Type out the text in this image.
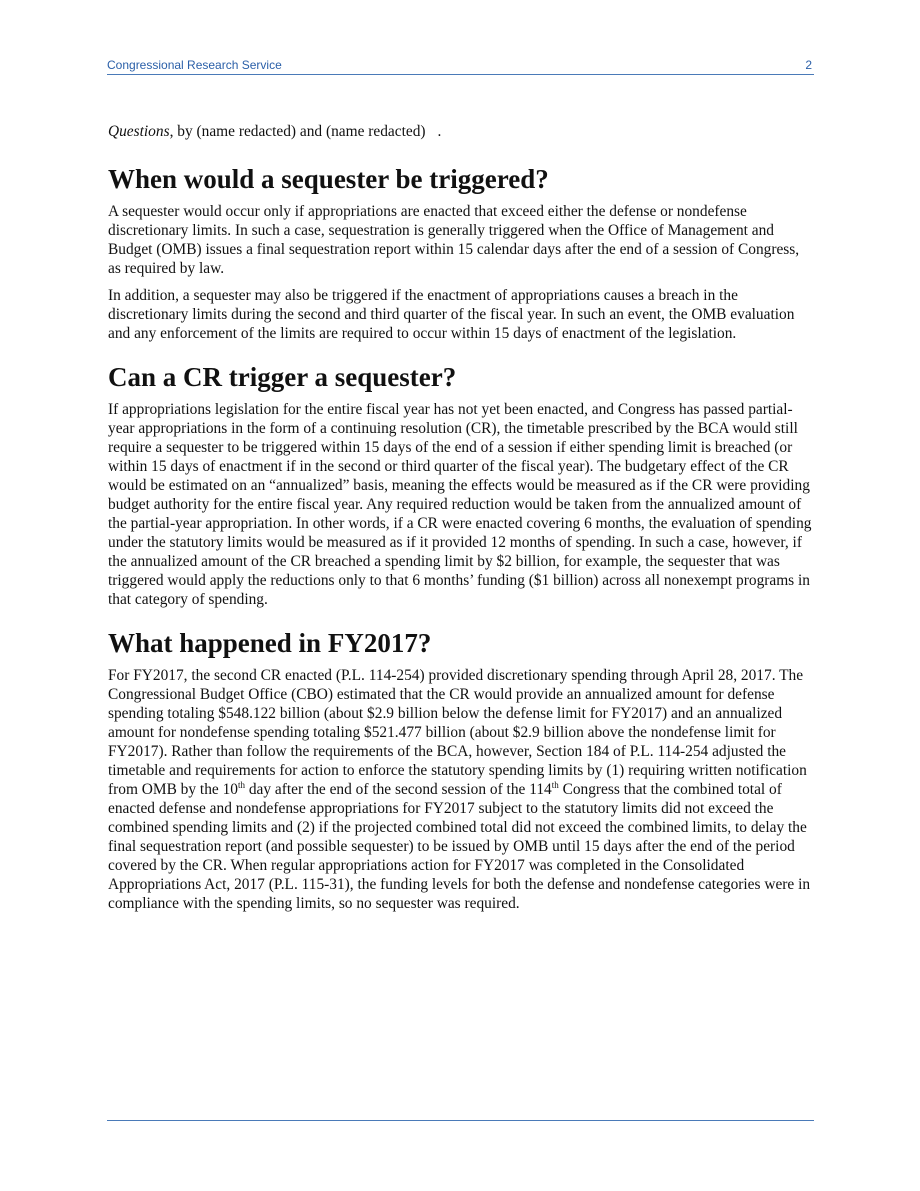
Congressional Research Service	2

Questions, by (name redacted) and (name redacted) .

When would a sequester be triggered?

A sequester would occur only if appropriations are enacted that exceed either the defense or nondefense discretionary limits. In such a case, sequestration is generally triggered when the Office of Management and Budget (OMB) issues a final sequestration report within 15 calendar days after the end of a session of Congress, as required by law.

In addition, a sequester may also be triggered if the enactment of appropriations causes a breach in the discretionary limits during the second and third quarter of the fiscal year. In such an event, the OMB evaluation and any enforcement of the limits are required to occur within 15 days of enactment of the legislation.

Can a CR trigger a sequester?

If appropriations legislation for the entire fiscal year has not yet been enacted, and Congress has passed partial-year appropriations in the form of a continuing resolution (CR), the timetable prescribed by the BCA would still require a sequester to be triggered within 15 days of the end of a session if either spending limit is breached (or within 15 days of enactment if in the second or third quarter of the fiscal year). The budgetary effect of the CR would be estimated on an “annualized” basis, meaning the effects would be measured as if the CR were providing budget authority for the entire fiscal year. Any required reduction would be taken from the annualized amount of the partial-year appropriation. In other words, if a CR were enacted covering 6 months, the evaluation of spending under the statutory limits would be measured as if it provided 12 months of spending. In such a case, however, if the annualized amount of the CR breached a spending limit by $2 billion, for example, the sequester that was triggered would apply the reductions only to that 6 months’ funding ($1 billion) across all nonexempt programs in that category of spending.

What happened in FY2017?

For FY2017, the second CR enacted (P.L. 114-254) provided discretionary spending through April 28, 2017. The Congressional Budget Office (CBO) estimated that the CR would provide an annualized amount for defense spending totaling $548.122 billion (about $2.9 billion below the defense limit for FY2017) and an annualized amount for nondefense spending totaling $521.477 billion (about $2.9 billion above the nondefense limit for FY2017). Rather than follow the requirements of the BCA, however, Section 184 of P.L. 114-254 adjusted the timetable and requirements for action to enforce the statutory spending limits by (1) requiring written notification from OMB by the 10th day after the end of the second session of the 114th Congress that the combined total of enacted defense and nondefense appropriations for FY2017 subject to the statutory limits did not exceed the combined spending limits and (2) if the projected combined total did not exceed the combined limits, to delay the final sequestration report (and possible sequester) to be issued by OMB until 15 days after the end of the period covered by the CR. When regular appropriations action for FY2017 was completed in the Consolidated Appropriations Act, 2017 (P.L. 115-31), the funding levels for both the defense and nondefense categories were in compliance with the spending limits, so no sequester was required.
